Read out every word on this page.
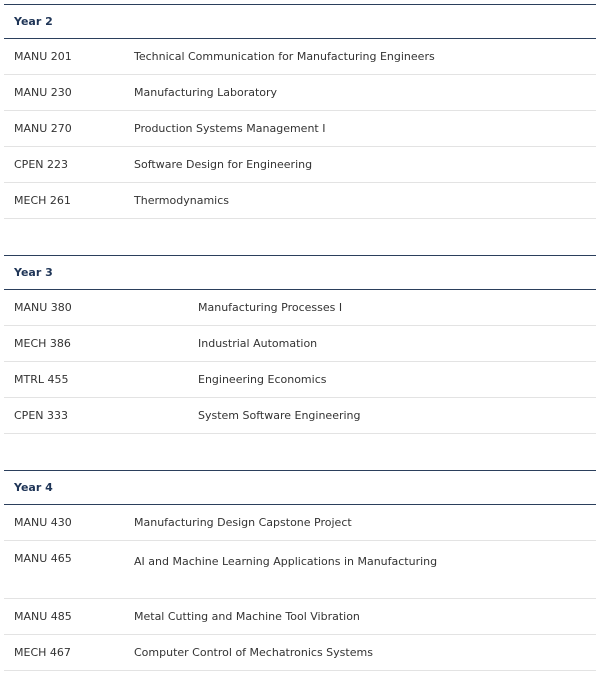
Year 2
MANU 201	Technical Communication for Manufacturing Engineers
MANU 230	Manufacturing Laboratory
MANU 270	Production Systems Management I
CPEN 223	Software Design for Engineering
MECH 261	Thermodynamics
Year 3
MANU 380	Manufacturing Processes I
MECH 386	Industrial Automation
MTRL 455	Engineering Economics
CPEN 333	System Software Engineering
Year 4
MANU 430	Manufacturing Design Capstone Project
MANU 465	AI and Machine Learning Applications in Manufacturing
MANU 485	Metal Cutting and Machine Tool Vibration
MECH 467	Computer Control of Mechatronics Systems
